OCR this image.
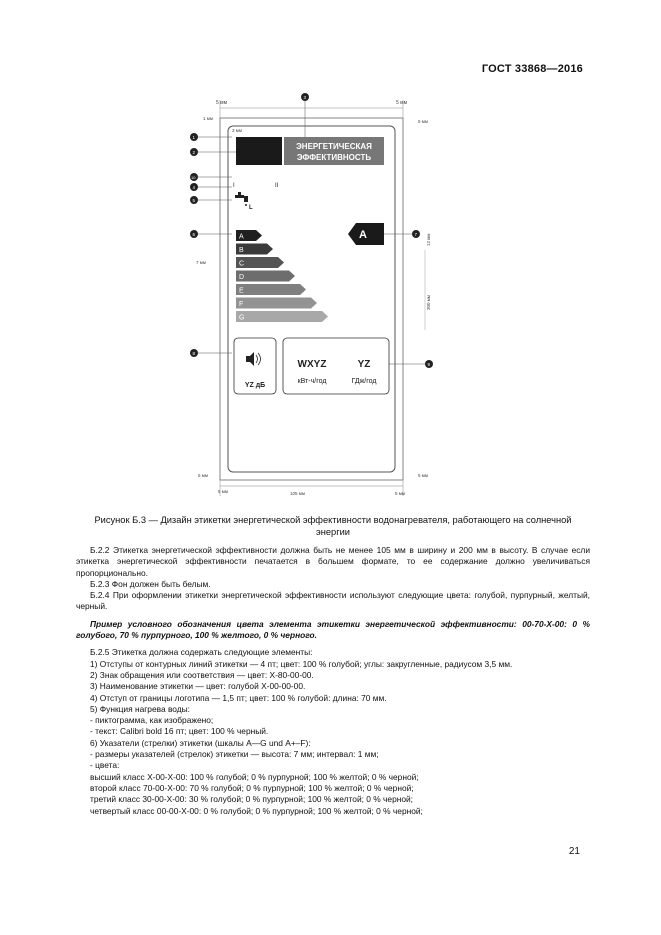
ГОСТ 33868—2016
5 мм	5 мм
1 мм
3 мм
5 мм
3
1
2
10
4
5
6
8
7
9
12 мм
300 мм
7 мм
ЭНЕРГЕТИЧЕСКАЯ
ЭФФЕКТИВНОСТЬ
I	II
L
A
B
C
D
E
F
G
A
YZ дБ
WXYZ
кВт-ч/год
YZ
ГДж/год
5 мм	5 мм
5 мм	105 мм	5 мм
Рисунок Б.3 — Дизайн этикетки энергетической эффективности водонагревателя, работающего на солнечной
энергии

Б.2.2 Этикетка энергетической эффективности должна быть не менее 105 мм в ширину и 200 мм в высоту. В случае если этикетка энергетической эффективности печатается в большем формате, то ее содержание должно увеличиваться пропорционально.

Б.2.3 Фон должен быть белым.

Б.2.4 При оформлении этикетки энергетической эффективности используют следующие цвета: голубой, пурпурный, желтый, черный.

Пример условного обозначения цвета элемента этикетки энергетической эффективности: 00-70-Х-00: 0 % голубого, 70 % пурпурного, 100 % желтого, 0 % черного.

Б.2.5 Этикетка должна содержать следующие элементы:

1) Отступы от контурных линий этикетки — 4 пт; цвет: 100 % голубой; углы: закругленные, радиусом 3,5 мм.

2) Знак обращения или соответствия — цвет: X-80-00-00.

3) Наименование этикетки — цвет: голубой Х-00-00-00.

4) Отступ от границы логотипа — 1,5 пт; цвет: 100 % голубой: длина: 70 мм.

5) Функция нагрева воды:

- пиктограмма, как изображено;

- текст: Calibri bold 16 пт; цвет: 100 % черный.

6) Указатели (стрелки) этикетки (шкалы А—G und А+–F):

- размеры указателей (стрелок) этикетки — высота: 7 мм; интервал: 1 мм;

- цвета:

высший класс Х-00-Х-00: 100 % голубой; 0 % пурпурной; 100 % желтой; 0 % черной;

второй класс 70-00-Х-00: 70 % голубой; 0 % пурпурной; 100 % желтой; 0 % черной;

третий класс 30-00-Х-00: 30 % голубой; 0 % пурпурной; 100 % желтой; 0 % черной;

четвертый класс 00-00-Х-00: 0 % голубой; 0 % пурпурной; 100 % желтой; 0 % черной;

21
